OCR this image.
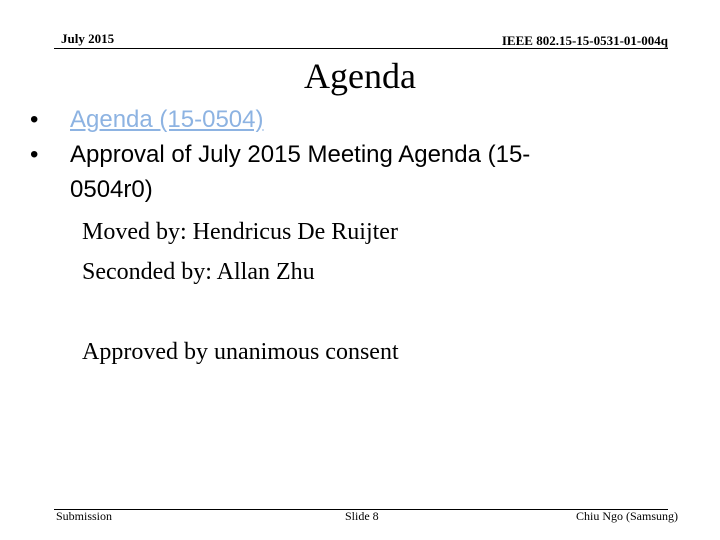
July 2015	IEEE 802.15-15-0531-01-004q
Agenda
• Agenda (15-0504)
• Approval of July 2015 Meeting Agenda (15-
0504r0)
Moved by: Hendricus De Ruijter
Seconded by: Allan Zhu
Approved by unanimous consent
Submission	Slide 8	Chiu Ngo (Samsung)
